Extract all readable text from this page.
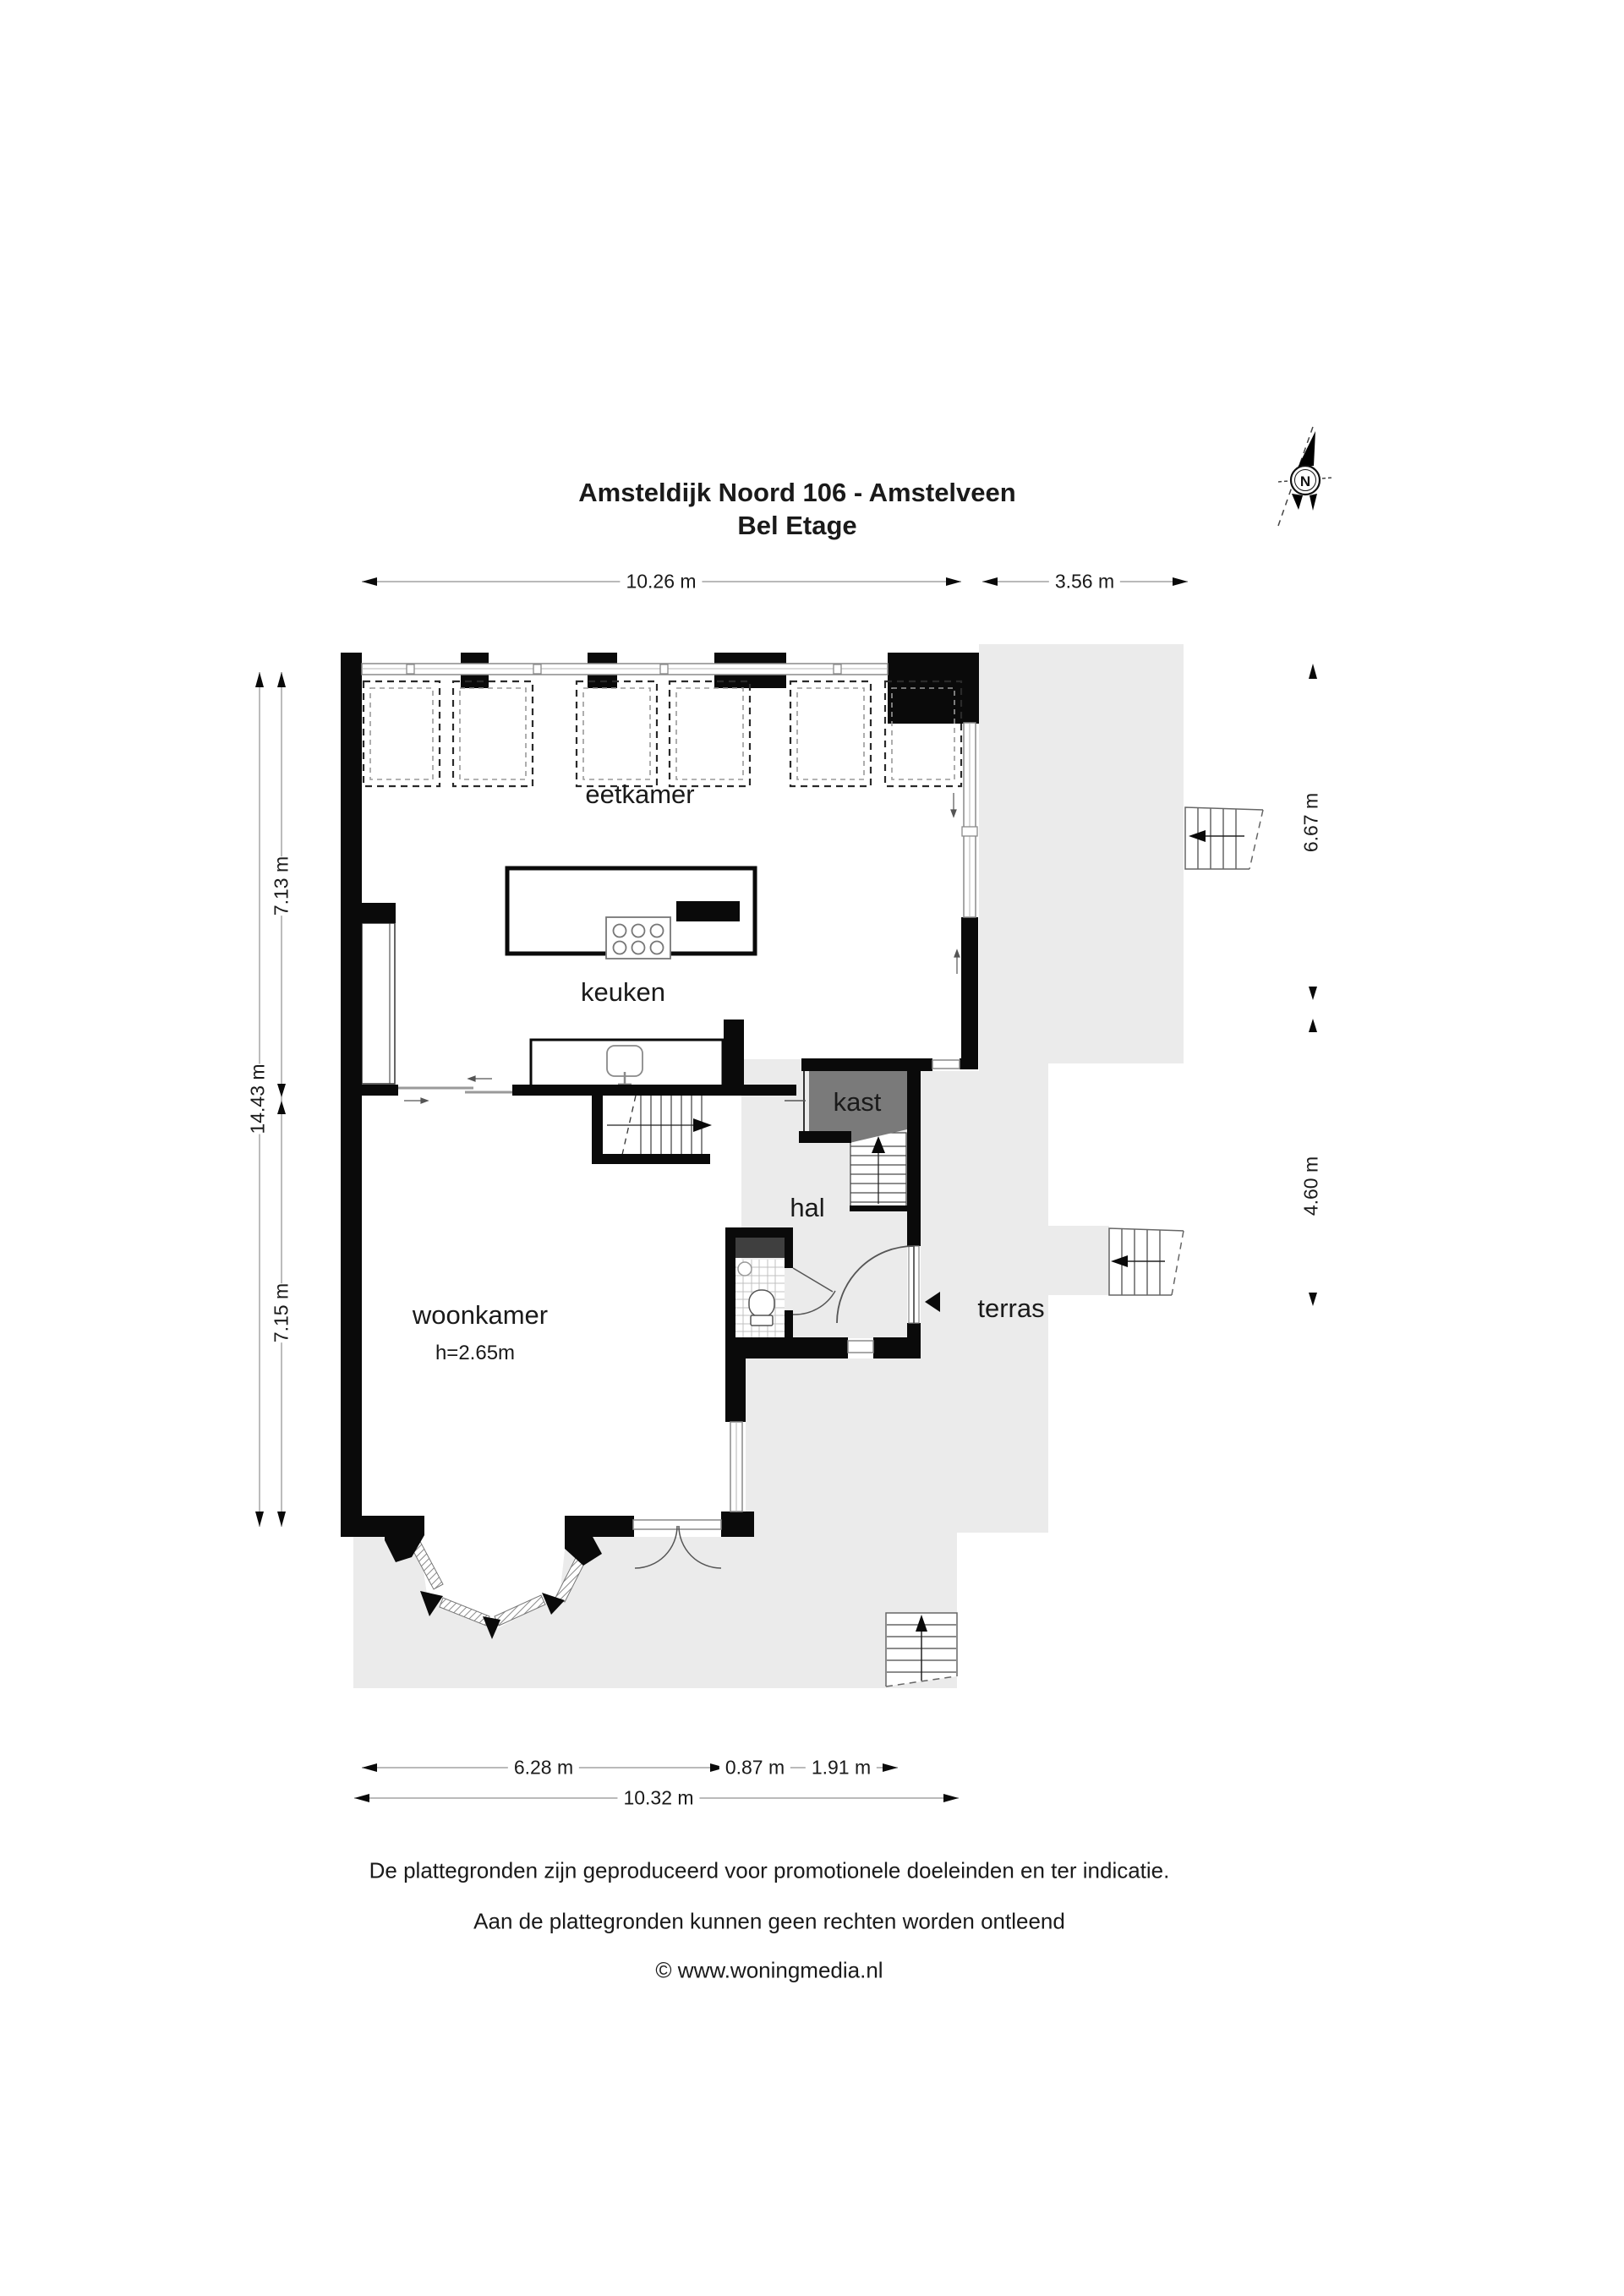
N
Amsteldijk Noord 106 - Amstelveen
Bel Etage
eetkamer
keuken
woonkamer
h=2.65m
hal
kast
terras
10.26 m	3.56 m
7.13 m
14.43 m
7.15 m
6.67 m
4.60 m
6.28 m	0.87 m	1.91 m
10.32 m
De plattegronden zijn geproduceerd voor promotionele doeleinden en ter indicatie.
Aan de plattegronden kunnen geen rechten worden ontleend
© www.woningmedia.nl
